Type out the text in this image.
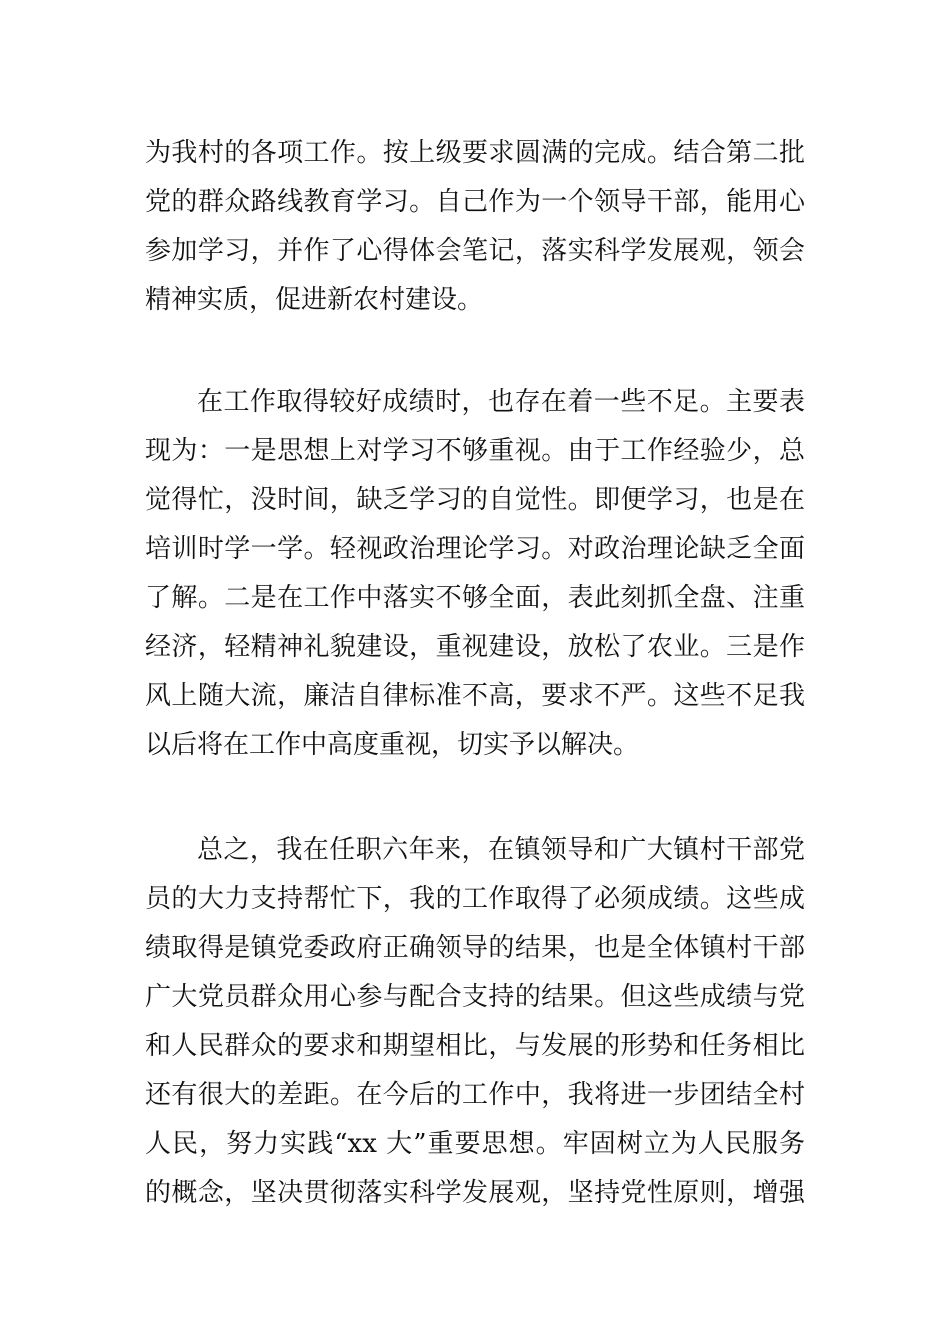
为我村的各项工作。按上级要求圆满的完成。结合第二批
党的群众路线教育学习。自己作为一个领导干部，能用心
参加学习，并作了心得体会笔记，落实科学发展观，领会
精神实质，促进新农村建设。
在工作取得较好成绩时，也存在着一些不足。主要表
现为：一是思想上对学习不够重视。由于工作经验少，总
觉得忙，没时间，缺乏学习的自觉性。即便学习，也是在
培训时学一学。轻视政治理论学习。对政治理论缺乏全面
了解。二是在工作中落实不够全面，表此刻抓全盘、注重
经济，轻精神礼貌建设，重视建设，放松了农业。三是作
风上随大流，廉洁自律标准不高，要求不严。这些不足我
以后将在工作中高度重视，切实予以解决。
总之，我在任职六年来，在镇领导和广大镇村干部党
员的大力支持帮忙下，我的工作取得了必须成绩。这些成
绩取得是镇党委政府正确领导的结果，也是全体镇村干部
广大党员群众用心参与配合支持的结果。但这些成绩与党
和人民群众的要求和期望相比，与发展的形势和任务相比
还有很大的差距。在今后的工作中，我将进一步团结全村
人民，努力实践“xx 大”重要思想。牢固树立为人民服务
的概念，坚决贯彻落实科学发展观，坚持党性原则，增强
